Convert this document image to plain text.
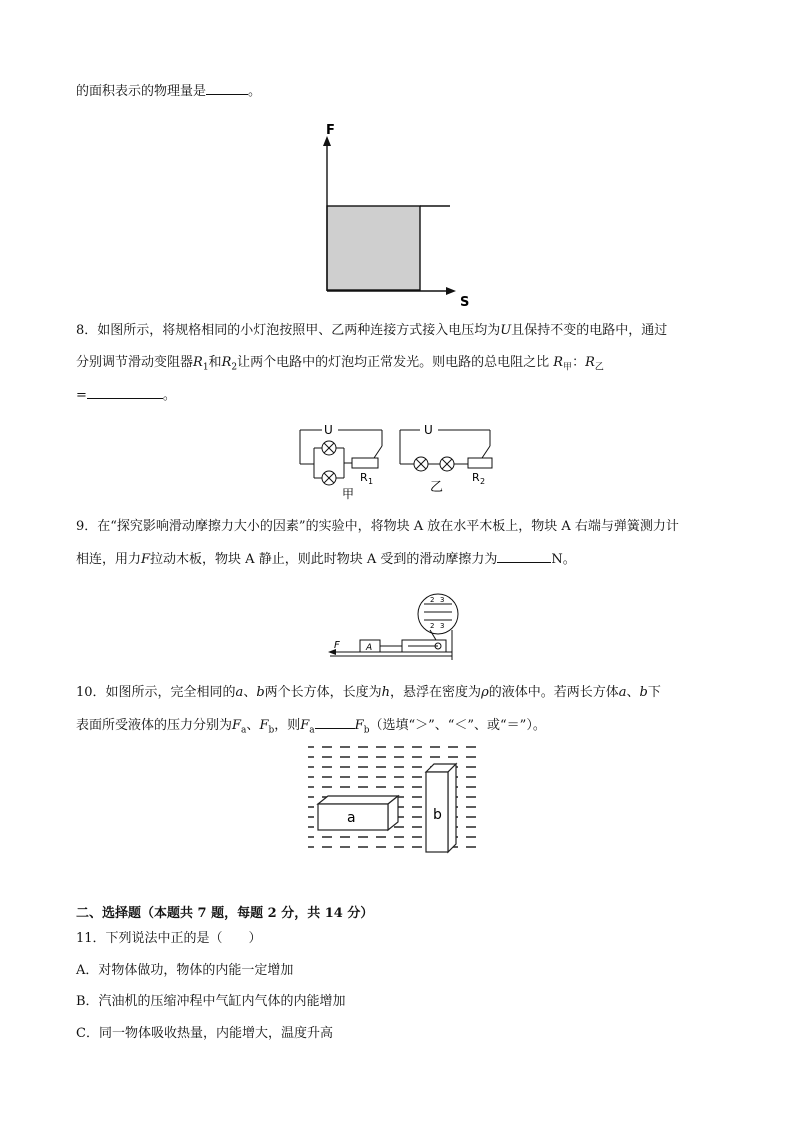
的面积表示的物理量是	。
F
S
8．如图所示，将规格相同的小灯泡按照甲、乙两种连接方式接入电压均为U且保持不变的电路中，通过
分别调节滑动变阻器$R_1$和$R_2$让两个电路中的灯泡均正常发光。则电路的总电阻之比 $R_甲$：$R_乙$
=	。
U	U
R 1	R 2
甲	乙
9．在“探究影响滑动摩擦力大小的因素”的实验中，将物块 A 放在水平木板上，物块 A 右端与弹簧测力计
相连，用力F拉动木板，物块 A 静止，则此时物块 A 受到的滑动摩擦力为	N。
F	A
2 3
2 3
10．如图所示，完全相同的a、b两个长方体，长度为h，悬浮在密度为ρ的液体中。若两长方体a、b下
表面所受液体的压力分别为$F_a$、$F_b$，则$F_a$	$F_b$（选填“＞”、“＜”、或“＝”）。
a	b
二、选择题（本题共 7 题，每题 2 分，共 14 分）
11．下列说法中正的是（　　）
A．对物体做功，物体的内能一定增加
B．汽油机的压缩冲程中气缸内气体的内能增加
C．同一物体吸收热量，内能增大，温度升高
